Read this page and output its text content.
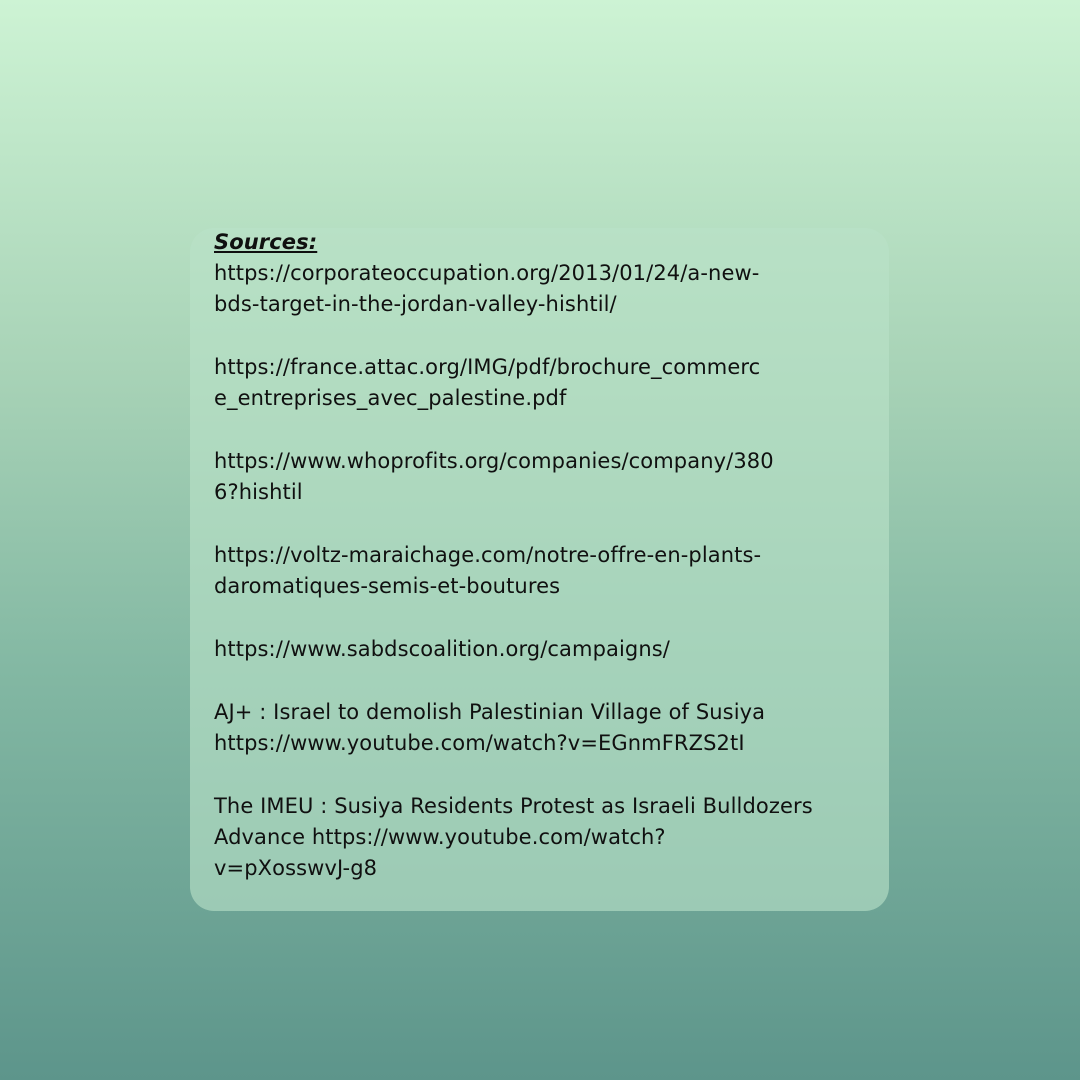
Sources:
https://corporateoccupation.org/2013/01/24/a-new-
bds-target-in-the-jordan-valley-hishtil/
https://france.attac.org/IMG/pdf/brochure_commerc
e_entreprises_avec_palestine.pdf
https://www.whoprofits.org/companies/company/380
6?hishtil
https://voltz-maraichage.com/notre-offre-en-plants-
daromatiques-semis-et-boutures
https://www.sabdscoalition.org/campaigns/
AJ+ : Israel to demolish Palestinian Village of Susiya
https://www.youtube.com/watch?v=EGnmFRZS2tI
The IMEU : Susiya Residents Protest as Israeli Bulldozers
Advance https://www.youtube.com/watch?
v=pXosswvJ-g8
